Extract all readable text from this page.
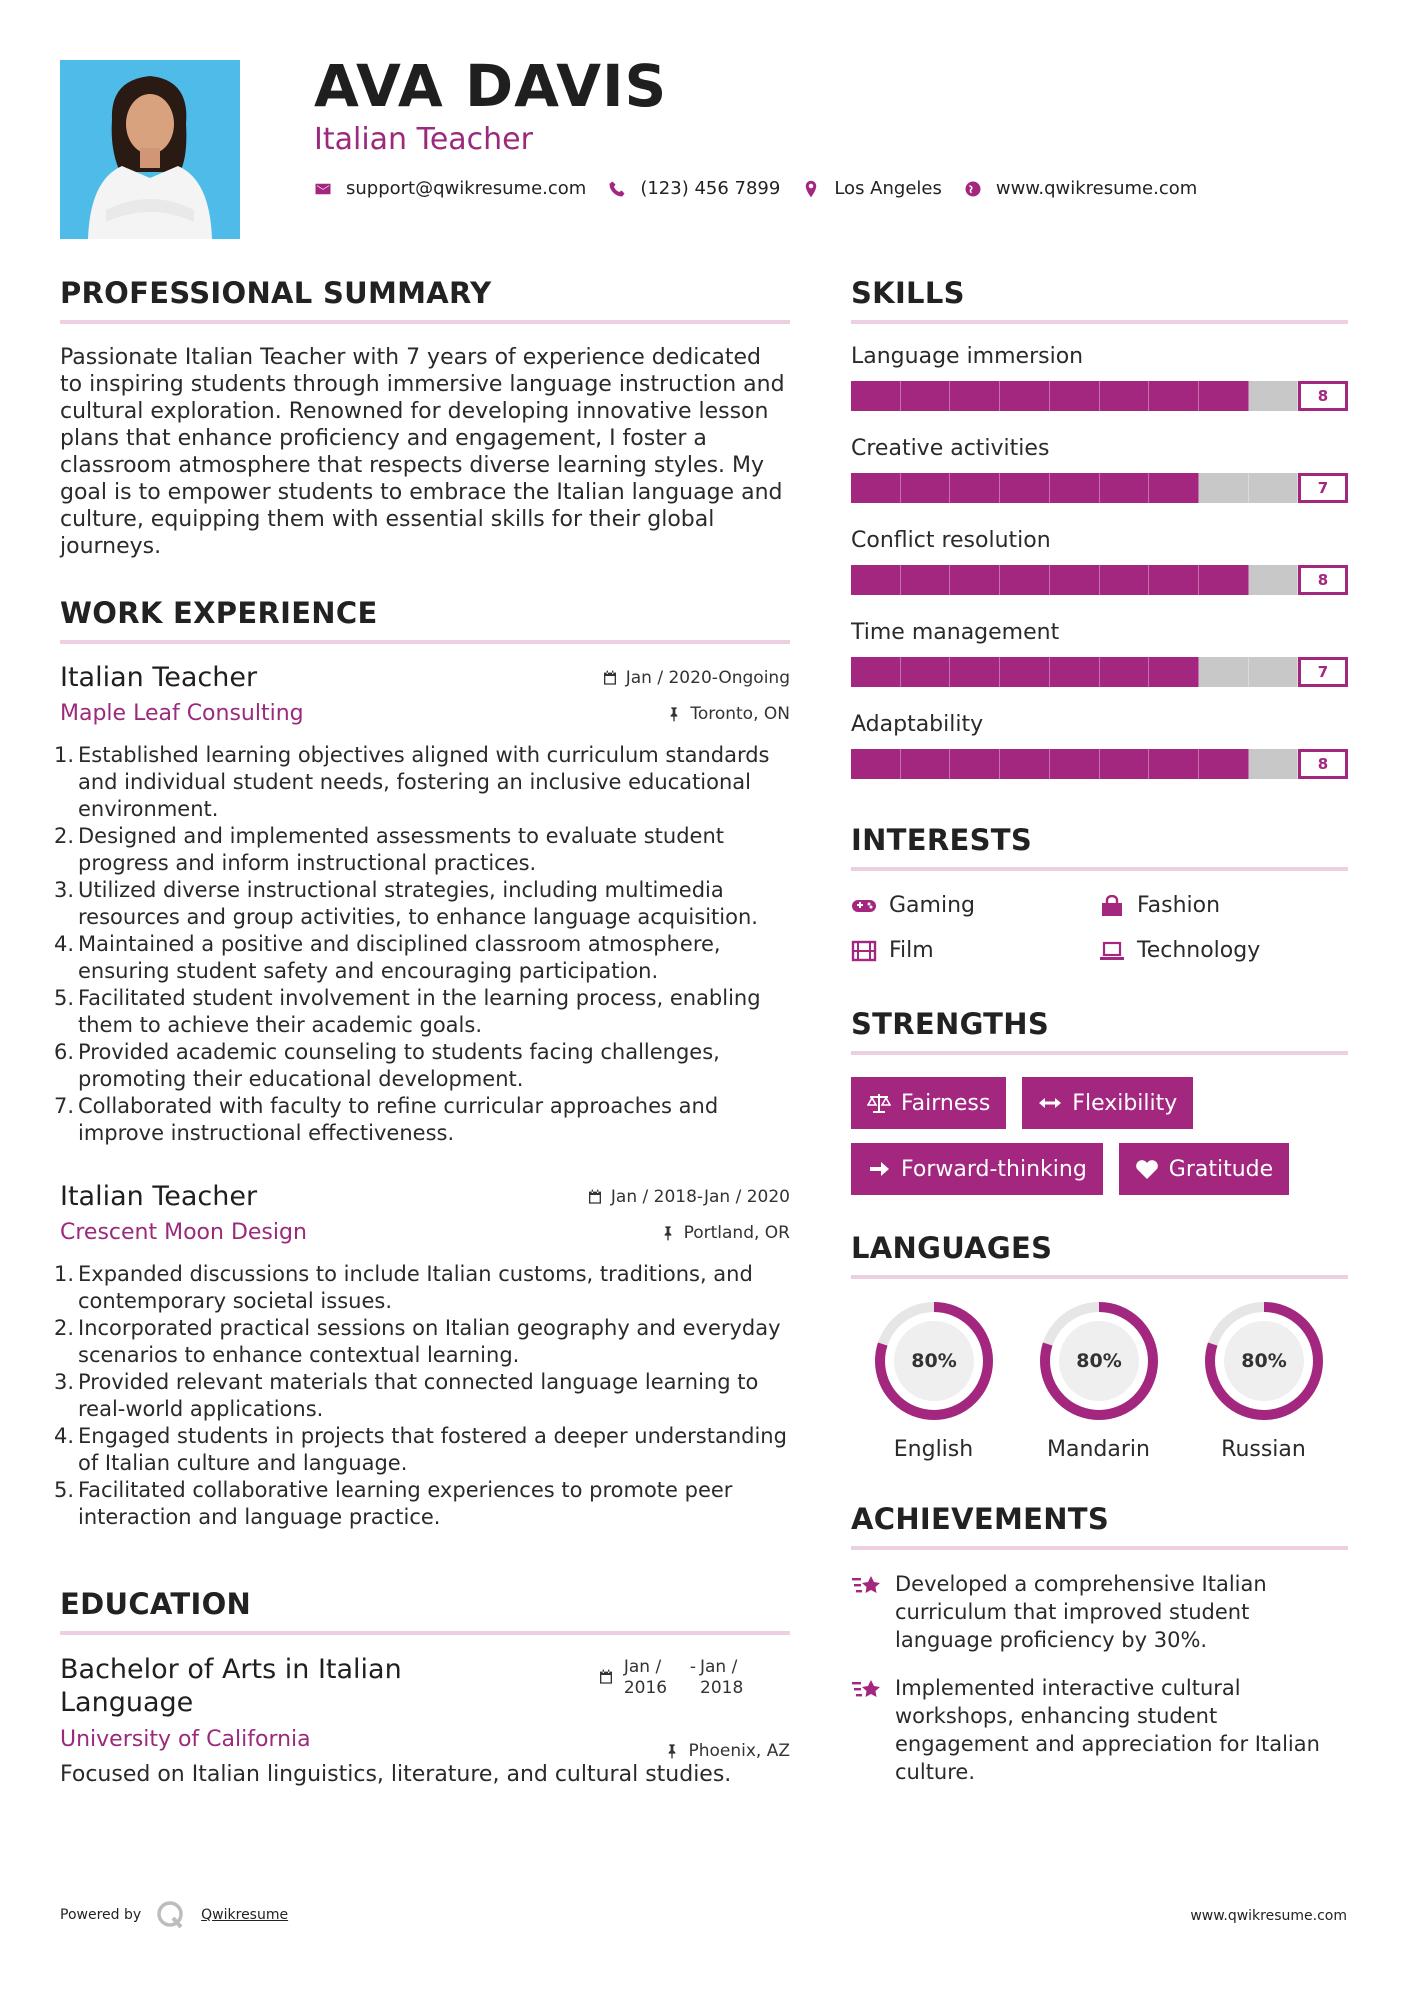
AVA DAVIS
Italian Teacher
support@qwikresume.com	(123) 456 7899	Los Angeles	www.qwikresume.com
PROFESSIONAL SUMMARY

Passionate Italian Teacher with 7 years of experience dedicated to inspiring students through immersive language instruction and cultural exploration. Renowned for developing innovative lesson plans that enhance proficiency and engagement, I foster a classroom atmosphere that respects diverse learning styles. My goal is to empower students to embrace the Italian language and culture, equipping them with essential skills for their global journeys.

WORK EXPERIENCE
Jan / 2020-Ongoing
Italian Teacher
Toronto, ON
Maple Leaf Consulting
1. Established learning objectives aligned with curriculum standards and individual student needs, fostering an inclusive educational environment.
2. Designed and implemented assessments to evaluate student progress and inform instructional practices.
3. Utilized diverse instructional strategies, including multimedia resources and group activities, to enhance language acquisition.
4. Maintained a positive and disciplined classroom atmosphere, ensuring student safety and encouraging participation.
5. Facilitated student involvement in the learning process, enabling them to achieve their academic goals.
6. Provided academic counseling to students facing challenges, promoting their educational development.
7. Collaborated with faculty to refine curricular approaches and improve instructional effectiveness.
Jan / 2018-Jan / 2020
Italian Teacher
Portland, OR
Crescent Moon Design
1. Expanded discussions to include Italian customs, traditions, and contemporary societal issues.
2. Incorporated practical sessions on Italian geography and everyday scenarios to enhance contextual learning.
3. Provided relevant materials that connected language learning to real-world applications.
4. Engaged students in projects that fostered a deeper understanding of Italian culture and language.
5. Facilitated collaborative learning experiences to promote peer interaction and language practice.
EDUCATION
Jan / 2016
- Jan / 2018
Bachelor of Arts in Italian Language
Phoenix, AZ
University of California

Focused on Italian linguistics, literature, and cultural studies.

SKILLS
Language immersion
8
Creative activities
7
Conflict resolution
8
Time management
7
Adaptability
8
INTERESTS
Gaming	Fashion
Film	Technology
STRENGTHS
Fairness	Flexibility
Forward-thinking	Gratitude
LANGUAGES
80%
English
80%
Mandarin
80%
Russian
ACHIEVEMENTS
Developed a comprehensive Italian curriculum that improved student language proficiency by 30%.
Implemented interactive cultural workshops, enhancing student engagement and appreciation for Italian culture.
Powered by	Qwikresume	www.qwikresume.com
